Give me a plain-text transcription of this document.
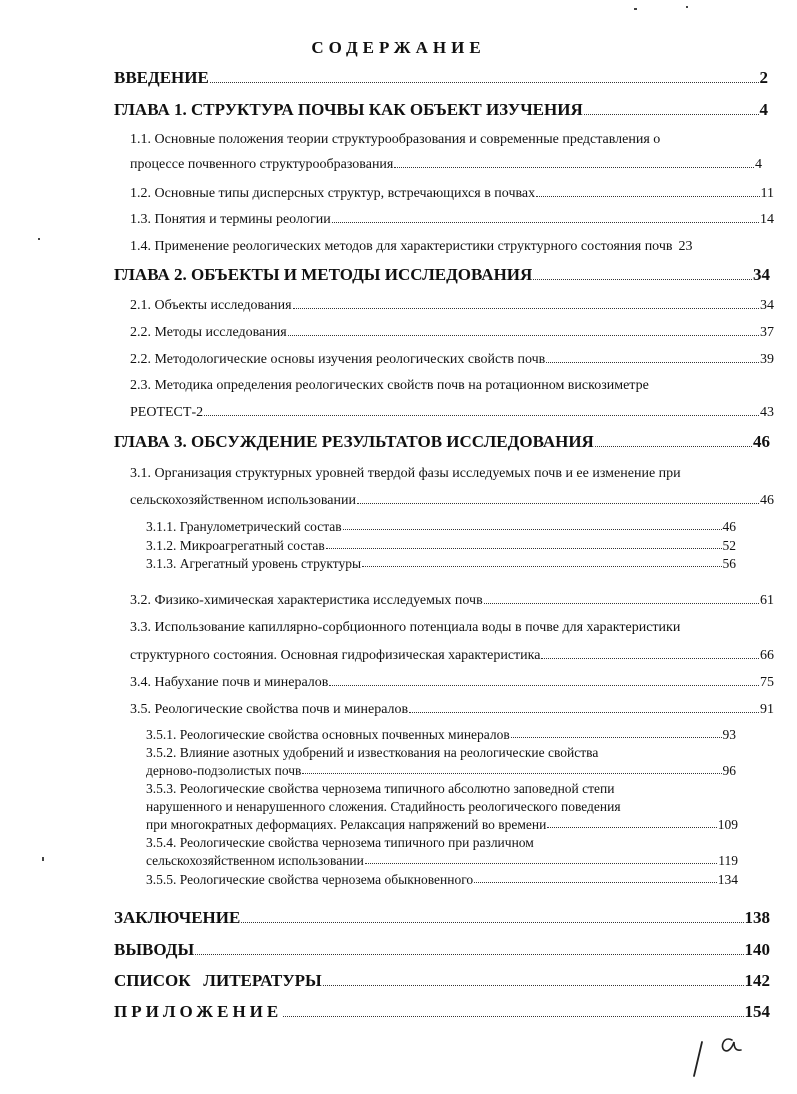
СОДЕРЖАНИЕ
ВВЕДЕНИЕ	2
ГЛАВА 1. СТРУКТУРА ПОЧВЫ КАК ОБЪЕКТ ИЗУЧЕНИЯ	4
1.1. Основные положения теории структурообразования и современные представления о
процессе почвенного структурообразования	4
1.2. Основные типы дисперсных структур, встречающихся в почвах	11
1.3. Понятия и термины реологии	14
1.4. Применение реологических методов для характеристики структурного состояния почв 23
ГЛАВА 2. ОБЪЕКТЫ И МЕТОДЫ ИССЛЕДОВАНИЯ	34
2.1. Объекты исследования	34
2.2. Методы исследования	37
2.2. Методологические основы изучения реологических свойств почв	39
2.3. Методика определения реологических свойств почв на ротационном вискозиметре
РЕОТЕСТ-2	43
ГЛАВА 3. ОБСУЖДЕНИЕ РЕЗУЛЬТАТОВ ИССЛЕДОВАНИЯ	46
3.1. Организация структурных уровней твердой фазы исследуемых почв и ее изменение при
сельскохозяйственном использовании	46
3.1.1. Гранулометрический состав	46
3.1.2. Микроагрегатный состав	52
3.1.3. Агрегатный уровень структуры	56
3.2. Физико-химическая характеристика исследуемых почв	61
3.3. Использование капиллярно-сорбционного потенциала воды в почве для характеристики
структурного состояния. Основная гидрофизическая характеристика	66
3.4. Набухание почв и минералов	75
3.5. Реологические свойства почв и минералов	91
3.5.1. Реологические свойства основных почвенных минералов	93
3.5.2. Влияние азотных удобрений и известкования на реологические свойства
дерново-подзолистых почв	96
3.5.3. Реологические свойства чернозема типичного абсолютно заповедной степи
нарушенного и ненарушенного сложения. Стадийность реологического поведения
при многократных деформациях. Релаксация напряжений во времени	109
3.5.4. Реологические свойства чернозема типичного при различном
сельскохозяйственном использовании	119
3.5.5. Реологические свойства чернозема обыкновенного	134
ЗАКЛЮЧЕНИЕ	138
ВЫВОДЫ	140
СПИСОК   ЛИТЕРАТУРЫ	142
ПРИЛОЖЕНИЕ	154
